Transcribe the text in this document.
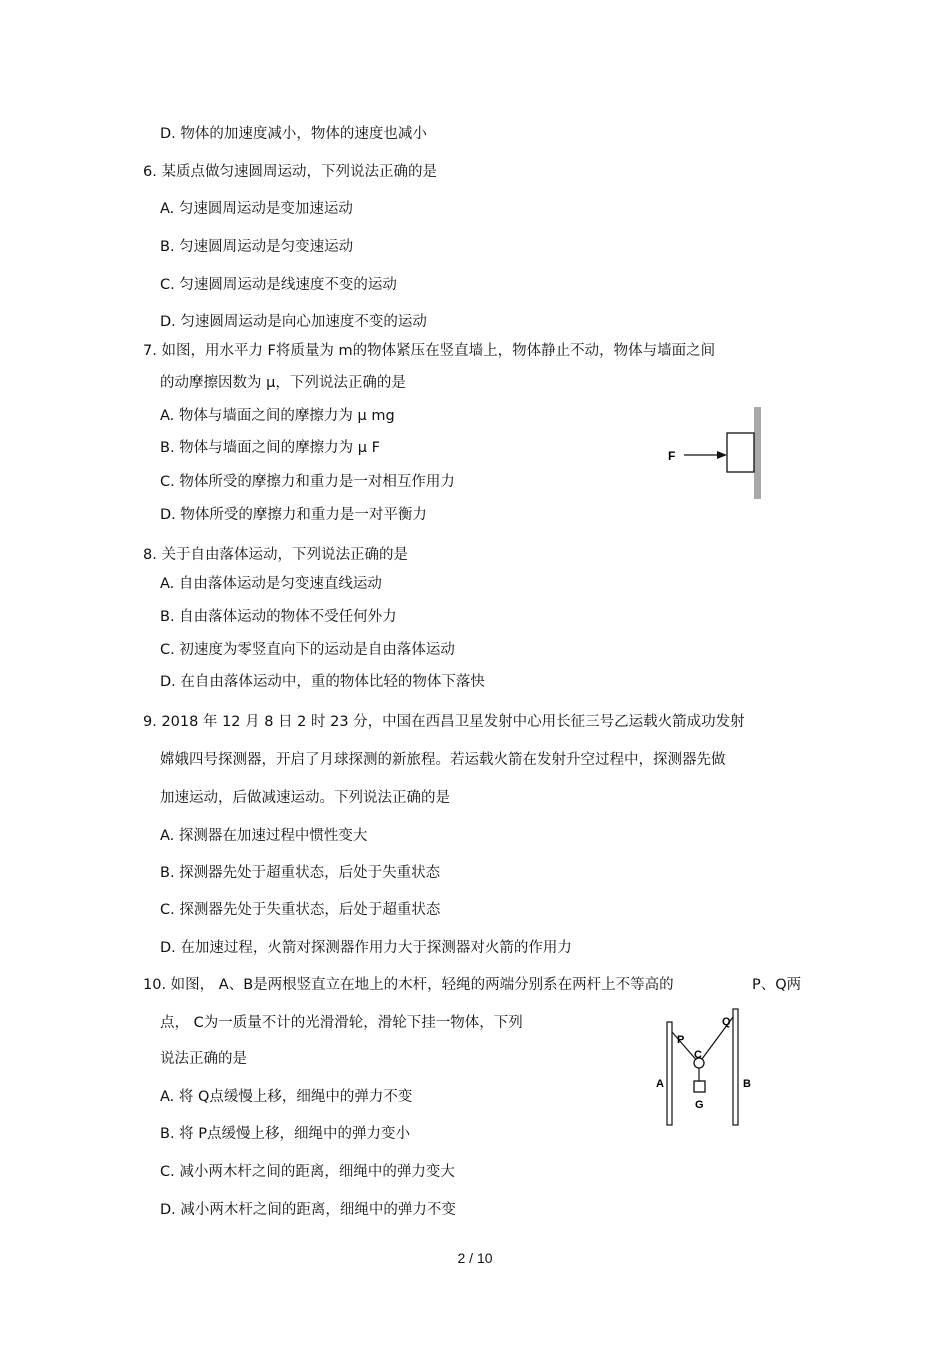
D. 物体的加速度减小，物体的速度也减小
6. 某质点做匀速圆周运动，下列说法正确的是
A. 匀速圆周运动是变加速运动
B. 匀速圆周运动是匀变速运动
C. 匀速圆周运动是线速度不变的运动
D. 匀速圆周运动是向心加速度不变的运动
7. 如图，用水平力 F将质量为 m的物体紧压在竖直墙上，物体静止不动，物体与墙面之间
的动摩擦因数为 μ，下列说法正确的是
A. 物体与墙面之间的摩擦力为 μ mg
B. 物体与墙面之间的摩擦力为 μ F
C. 物体所受的摩擦力和重力是一对相互作用力
D. 物体所受的摩擦力和重力是一对平衡力
8. 关于自由落体运动，下列说法正确的是
A. 自由落体运动是匀变速直线运动
B. 自由落体运动的物体不受任何外力
C. 初速度为零竖直向下的运动是自由落体运动
D. 在自由落体运动中，重的物体比轻的物体下落快
9. 2018 年 12 月 8 日 2 时 23 分，中国在西昌卫星发射中心用长征三号乙运载火箭成功发射
嫦娥四号探测器，开启了月球探测的新旅程。若运载火箭在发射升空过程中，探测器先做
加速运动，后做减速运动。下列说法正确的是
A. 探测器在加速过程中惯性变大
B. 探测器先处于超重状态，后处于失重状态
C. 探测器先处于失重状态，后处于超重状态
D. 在加速过程，火箭对探测器作用力大于探测器对火箭的作用力
10. 如图， A、B是两根竖直立在地上的木杆，轻绳的两端分别系在两杆上不等高的	P、Q两
点， C为一质量不计的光滑滑轮，滑轮下挂一物体，下列
说法正确的是
A. 将 Q点缓慢上移，细绳中的弹力不变
B. 将 P点缓慢上移，细绳中的弹力变小
C. 减小两木杆之间的距离，细绳中的弹力变大
D. 减小两木杆之间的距离，细绳中的弹力不变
F
P
Q
C
A	B
G
2 / 10
